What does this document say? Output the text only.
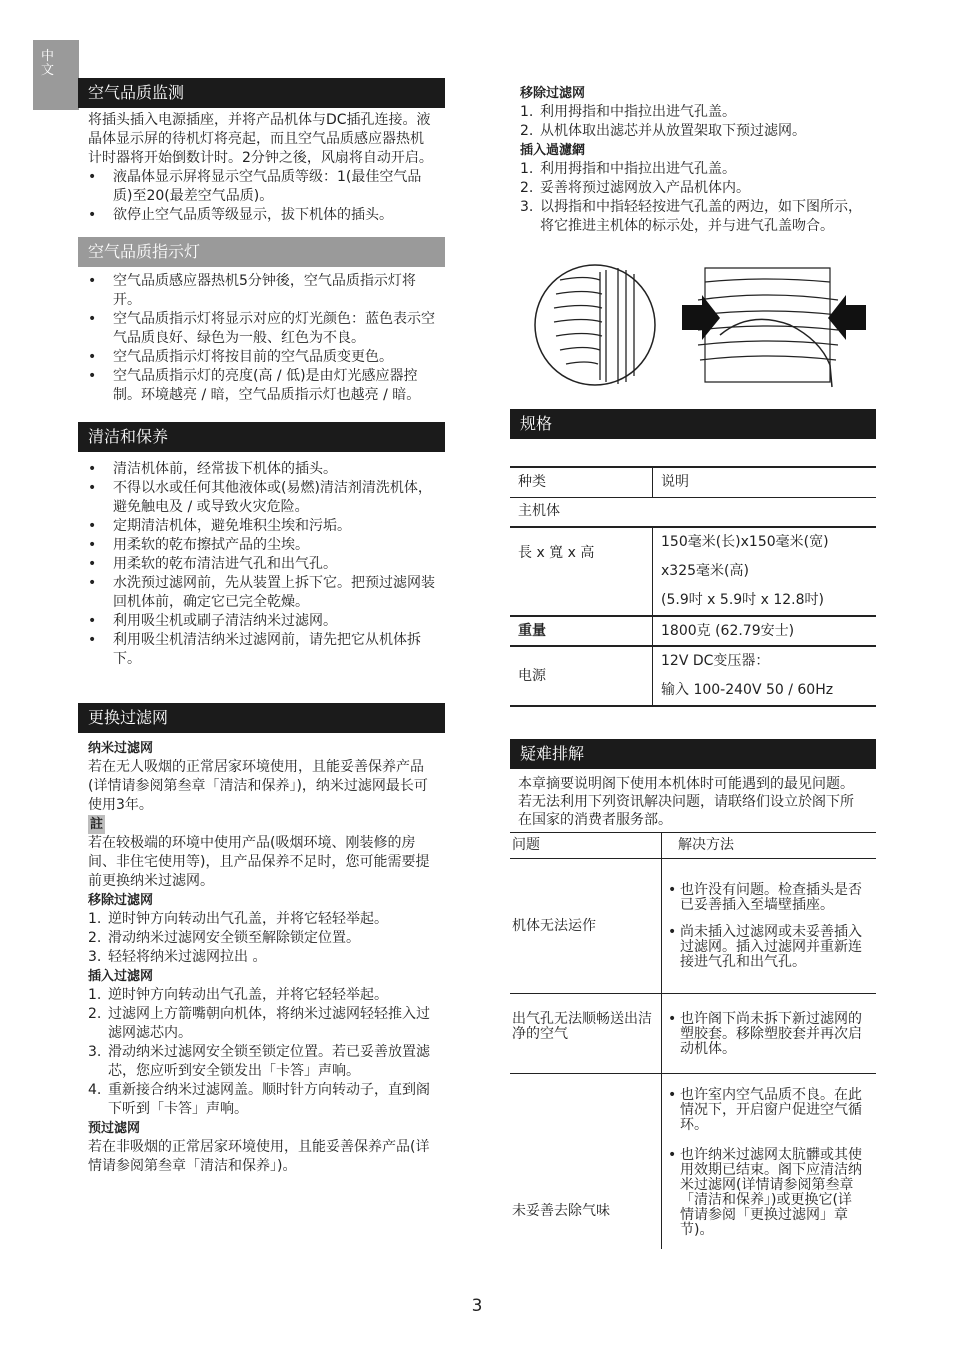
中文
空气品质监测

将插头插入电源插座，并将产品机体与DC插孔连接。液晶体显示屏的待机灯将亮起，而且空气品质感应器热机计时器将开始倒数计时。2分钟之後，风扇将自动开启。

• 液晶体显示屏将显示空气品质等级：1(最佳空气品质)至20(最差空气品质)。
• 欲停止空气品质等级显示，拔下机体的插头。
空气品质指示灯
• 空气品质感应器热机5分钟後，空气品质指示灯将开。
• 空气品质指示灯将显示对应的灯光颜色：蓝色表示空气品质良好、绿色为一般、红色为不良。
• 空气品质指示灯将按目前的空气品质变更色。
• 空气品质指示灯的亮度(高 / 低)是由灯光感应器控制。环境越亮 / 暗，空气品质指示灯也越亮 / 暗。
清洁和保养
• 清洁机体前，经常拔下机体的插头。
• 不得以水或任何其他液体或(易燃)清洁剂清洗机体，避免触电及 / 或导致火灾危险。
• 定期清洁机体，避免堆积尘埃和污垢。
• 用柔软的乾布擦拭产品的尘埃。
• 用柔软的乾布清洁进气孔和出气孔。
• 水洗预过滤网前，先从装置上拆下它。把预过滤网装回机体前，确定它已完全乾燥。
• 利用吸尘机或刷子清洁纳米过滤网。
• 利用吸尘机清洁纳米过滤网前，请先把它从机体拆下。
更换过滤网
纳米过滤网

若在无人吸烟的正常居家环境使用，且能妥善保养产品(详情请参阅第叁章「清洁和保养」)，纳米过滤网最长可使用3年。

註

若在较极端的环境中使用产品(吸烟环境、刚装修的房间、非住宅使用等)，且产品保养不足时，您可能需要提前更换纳米过滤网。

移除过滤网
1. 逆时钟方向转动出气孔盖，并将它轻轻举起。
2. 滑动纳米过滤网安全锁至解除锁定位置。
3. 轻轻将纳米过滤网拉出 。
插入过滤网
1. 逆时钟方向转动出气孔盖，并将它轻轻举起。
2. 过滤网上方箭嘴朝向机体，将纳米过滤网轻轻推入过滤网滤芯内。
3. 滑动纳米过滤网安全锁至锁定位置。若已妥善放置滤芯，您应听到安全锁发出「卡答」声响。
4. 重新接合纳米过滤网盖。顺时针方向转动子，直到阁下听到「卡答」声响。
预过滤网

若在非吸烟的正常居家环境使用，且能妥善保养产品(详情请参阅第叁章「清洁和保养」)。

移除过滤网
1. 利用拇指和中指拉出进气孔盖。
2. 从机体取出滤芯并从放置架取下预过滤网。
插入過濾網
1. 利用拇指和中指拉出进气孔盖。
2. 妥善将预过滤网放入产品机体内。
3. 以拇指和中指轻轻按进气孔盖的两边，如下图所示，将它推进主机体的标示处，并与进气孔盖吻合。
规格
种类	说明
主机体	
長 x 寬 x 高	150毫米(长)x150毫米(宽)
x325毫米(高)
(5.9吋 x 5.9吋 x 12.8吋)

重量	1800克 (62.79安士)
电源	12V DC变压器：
输入 100-240V 50 / 60Hz
疑难排解

本章摘要说明阁下使用本机体时可能遇到的最见问题。若无法利用下列资讯解决问题，请联络们设立於阁下所在国家的消费者服务部。

问题	解决方法
机体无法运作	• 也许没有问题。检查插头是否已妥善插入至墙壁插座。
• 尚未插入过滤网或未妥善插入过滤网。插入过滤网并重新连接进气孔和出气孔。

出气孔无法顺畅送出洁净的空气	• 也许阁下尚未拆下新过滤网的塑胶套。移除塑胶套并再次启动机体。

未妥善去除气味	• 也许室内空气品质不良。在此情况下，开启窗户促进空气循环。
• 也许纳米过滤网太肮髒或其使用效期已结束。阁下应清洁纳米过滤网(详情请参阅第叁章「清洁和保养」)或更换它(详情请参阅「更换过滤网」章节)。
3
